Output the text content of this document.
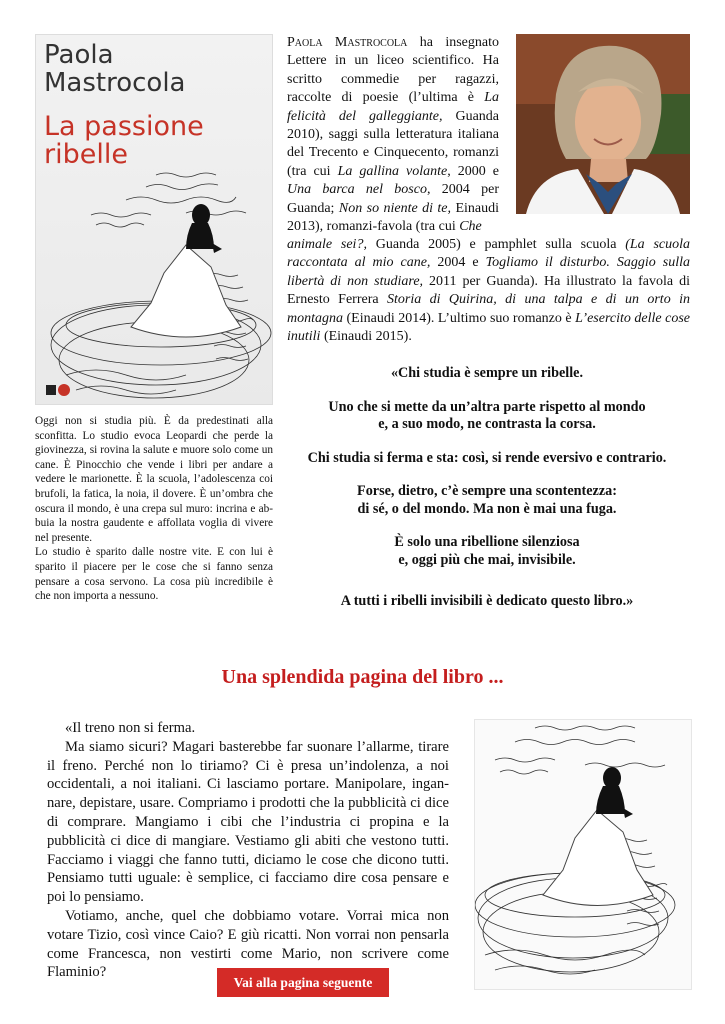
Paola
Mastrocola
La passione
ribelle

Paola Mastrocola ha insegnato Lettere in un liceo scientifico. Ha scritto commedie per ragazzi, raccolte di poesie (l’ultima è La felicità del galleggiante, Guanda 2010), saggi sulla letteratura italiana del Trecento e Cinquecento, romanzi (tra cui La gallina volante, 2000 e Una barca nel bosco, 2004 per Guanda; Non so niente di te, Einaudi 2013), romanzi-favola (tra cui Che

animale sei?, Guanda 2005) e pamphlet sulla scuola (La scuola raccontata al mio cane, 2004 e Togliamo il disturbo. Saggio sulla libertà di non studiare, 2011 per Guanda). Ha illustrato la favola di Ernesto Ferrera Storia di Quirina, di una talpa e di un orto in montagna (Einaudi 2014). L’ultimo suo romanzo è L’esercito delle cose inutili (Einaudi 2015).

Oggi non si studia più. È da predestinati alla sconfitta. Lo studio evoca Leopardi che perde la giovinezza, si rovina la salute e muore solo come un cane. È Pinocchio che vende i libri per andare a vedere le marionette. È la scuola, l’adolescenza coi brufoli, la fatica, la noia, il dovere. È un’ombra che oscura il mondo, è una crepa sul muro: incrina e abbuia la nostra gaudente e affollata voglia di vivere nel presente.

Lo studio è sparito dalle nostre vite. E con lui è sparito il piacere per le cose che si fanno senza pensare a cosa servono. La cosa più incredibile è che non importa a nessuno.

«Chi studia è sempre un ribelle.

Uno che si mette da un’altra parte rispetto al mondo
e, a suo modo, ne contrasta la corsa.

Chi studia si ferma e sta: così, si rende eversivo e contrario.

Forse, dietro, c’è sempre una scontentezza:
di sé, o del mondo. Ma non è mai una fuga.

È solo una ribellione silenziosa
e, oggi più che mai, invisibile.

A tutti i ribelli invisibili è dedicato questo libro.»

Una splendida pagina del libro ...

«Il treno non si ferma.

Ma siamo sicuri? Magari basterebbe far suonare l’allarme, tirare il freno. Perché non lo tiriamo? Ci è presa un’indolenza, a noi occidentali, a noi italiani. Ci lasciamo portare. Manipolare, ingannare, depistare, usare. Compriamo i prodotti che la pubblicità ci dice di comprare. Mangiamo i cibi che l’industria ci propina e la pubblicità ci dice di mangiare. Vestiamo gli abiti che vestono tutti. Facciamo i viaggi che fanno tutti, diciamo le cose che dicono tutti. Pensiamo tutti uguale: è semplice, ci facciamo dire cosa pensare e poi lo pensiamo.

Votiamo, anche, quel che dobbiamo votare. Vorrai mica non votare Tizio, così vince Caio? E giù ricatti. Non vorrai non pensarla come Francesca, non vestirti come Mario, non scrivere come Flaminio?

Vai alla pagina seguente
